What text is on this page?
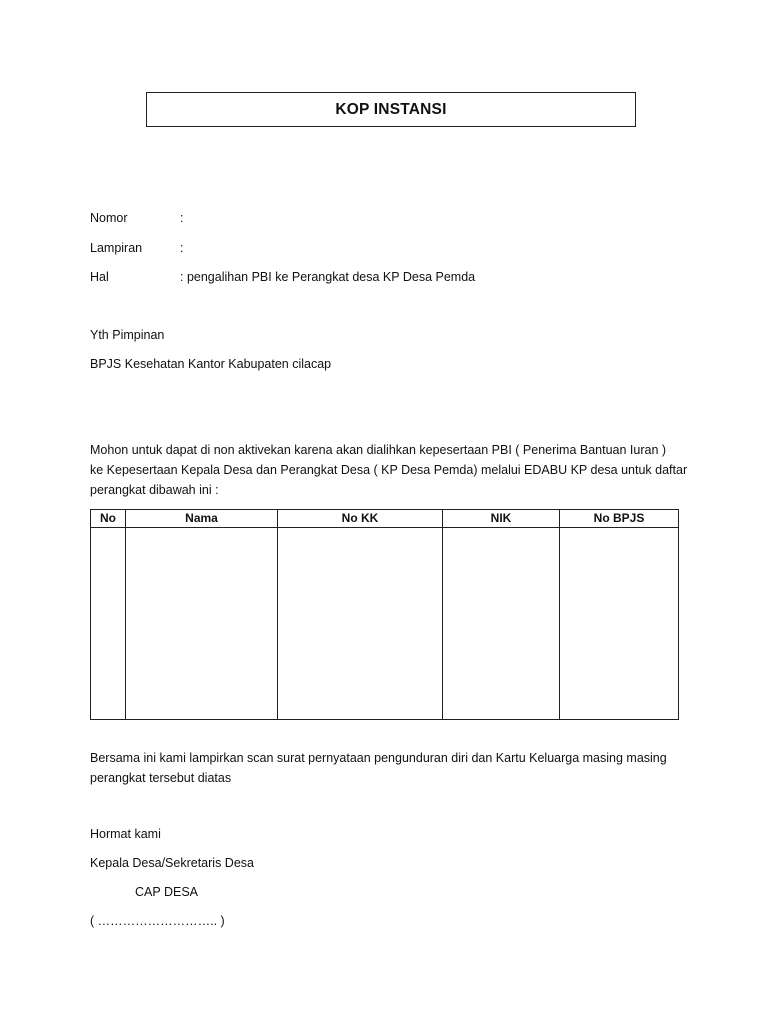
KOP INSTANSI
Nomor	:
Lampiran	:
Hal	: pengalihan PBI ke Perangkat desa KP Desa Pemda
Yth Pimpinan
BPJS Kesehatan Kantor Kabupaten cilacap
Mohon untuk dapat di non aktivekan karena akan dialihkan kepesertaan PBI ( Penerima Bantuan Iuran )
ke Kepesertaan Kepala Desa dan Perangkat Desa ( KP Desa Pemda) melalui EDABU KP desa untuk daftar
perangkat dibawah ini :
No	Nama	No KK	NIK	No BPJS

Bersama ini kami lampirkan scan surat pernyataan pengunduran diri dan Kartu Keluarga masing masing
perangkat tersebut diatas
Hormat kami
Kepala Desa/Sekretaris Desa
CAP DESA
( ……………………….. )
